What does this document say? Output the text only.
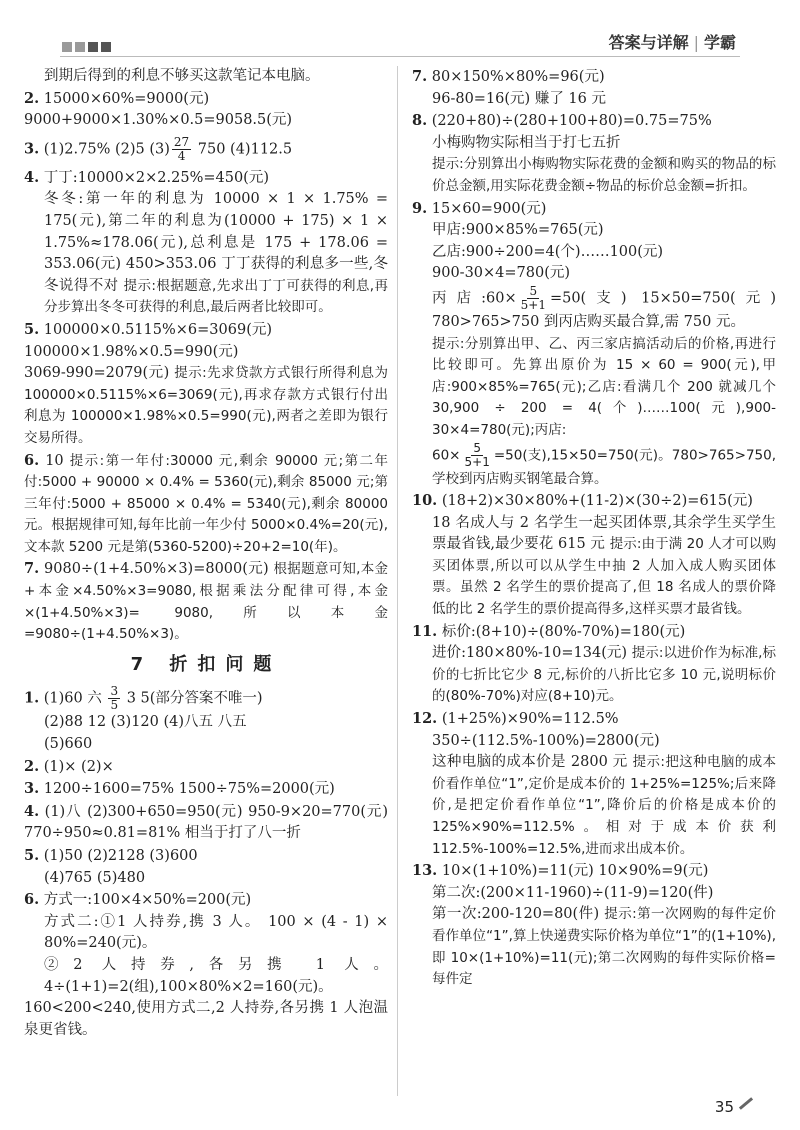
答案与详解 | 学霸
到期后得到的利息不够买这款笔记本电脑。
2. 15000×60%=9000(元)
9000+9000×1.30%×0.5=9058.5(元)
3. (1)2.75% (2)5 $(3) \frac{27}{4} 750$ (4)112.5
4. 丁丁:10000×2×2.25%=450(元)
冬冬:第一年的利息为 10000 × 1 × 1.75% = 175(元),第二年的利息为(10000 + 175) × 1 × 1.75%≈178.06(元),总利息是 175 + 178.06 = 353.06(元) 450>353.06 丁丁获得的利息多一些,冬冬说得不对 提示:根据题意,先求出丁丁可获得的利息,再分步算出冬冬可获得的利息,最后两者比较即可。
5. 100000×0.5115%×6=3069(元)
100000×1.98%×0.5=990(元)
3069-990=2079(元) 提示:先求贷款方式银行所得利息为 100000×0.5115%×6=3069(元),再求存款方式银行付出利息为 100000×1.98%×0.5=990(元),两者之差即为银行交易所得。
6. 10 提示:第一年付:30000 元,剩余 90000 元;第二年付:5000 + 90000 × 0.4% = 5360(元),剩余 85000 元;第三年付:5000 + 85000 × 0.4% = 5340(元),剩余 80000 元。根据规律可知,每年比前一年少付 5000×0.4%=20(元),文本款 5200 元是第(5360-5200)÷20+2=10(年)。
7. 9080÷(1+4.50%×3)=8000(元) 根据题意可知,本金+本金×4.50%×3=9080,根据乘法分配律可得,本金×(1+4.50%×3)= 9080,所以本金=9080÷(1+4.50%×3)。
7 折扣问题
1. (1)60 六 $\frac{3}{5} 3$ 5(部分答案不唯一)
(2)88 12 (3)120 (4)八五 八五
(5)660
2. (1)× (2)×
3. 1200÷1600=75% 1500÷75%=2000(元)
4. (1)八 (2)300+650=950(元) 950-9×20=770(元) 770÷950≈0.81=81% 相当于打了八一折
5. (1)50 (2)2128 (3)600
(4)765 (5)480
6. 方式一:100×4×50%=200(元)
方式二:①1 人持券,携 3 人。 100 × (4 - 1) × 80%=240(元)。
②2 人持券,各另携 1 人。4÷(1+1)=2(组),100×80%×2=160(元)。
160<200<240,使用方式二,2 人持券,各另携 1 人泡温泉更省钱。
7. 80×150%×80%=96(元)
96-80=16(元) 赚了 16 元
8. (220+80)÷(280+100+80)=0.75=75%
小梅购物实际相当于打七五折
提示:分别算出小梅购物实际花费的金额和购买的物品的标价总金额,用实际花费金额÷物品的标价总金额=折扣。
9. 15×60=900(元)
甲店:900×85%=765(元)
乙店:900÷200=4(个)……100(元)
900-30×4=780(元)
丙店:60× $\frac{5}{5+1} =50$(支) 15×50=750(元) 780>765>750 到丙店购买最合算,需 750 元。
提示:分别算出甲、乙、丙三家店搞活动后的价格,再进行比较即可。先算出原价为 15 × 60 = 900(元),甲店:900×85%=765(元);乙店:看满几个 200 就减几个 30,900 ÷ 200 = 4(个)……100(元),900-30×4=780(元);丙店:
$60\times \frac{5}{5+1} =50$(支),15×50=750(元)。780>765>750,学校到丙店购买钢笔最合算。
10. (18+2)×30×80%+(11-2)×(30÷2)=615(元)
18 名成人与 2 名学生一起买团体票,其余学生买学生票最省钱,最少要花 615 元 提示:由于满 20 人才可以购买团体票,所以可以从学生中抽 2 人加入成人购买团体票。虽然 2 名学生的票价提高了,但 18 名成人的票价降低的比 2 名学生的票价提高得多,这样买票才最省钱。
11. 标价:(8+10)÷(80%-70%)=180(元)
进价:180×80%-10=134(元) 提示:以进价作为标准,标价的七折比它少 8 元,标价的八折比它多 10 元,说明标价的(80%-70%)对应(8+10)元。
12. (1+25%)×90%=112.5%
350÷(112.5%-100%)=2800(元)
这种电脑的成本价是 2800 元 提示:把这种电脑的成本价看作单位“1”,定价是成本价的 1+25%=125%;后来降价,是把定价看作单位“1”,降价后的价格是成本价的 125%×90%=112.5%。相对于成本价获利 112.5%-100%=12.5%,进而求出成本价。
13. 10×(1+10%)=11(元) 10×90%=9(元)
第二次:(200×11-1960)÷(11-9)=120(件)
第一次:200-120=80(件) 提示:第一次网购的每件定价看作单位“1”,算上快递费实际价格为单位“1”的(1+10%),即 10×(1+10%)=11(元);第二次网购的每件实际价格=每件定
35
